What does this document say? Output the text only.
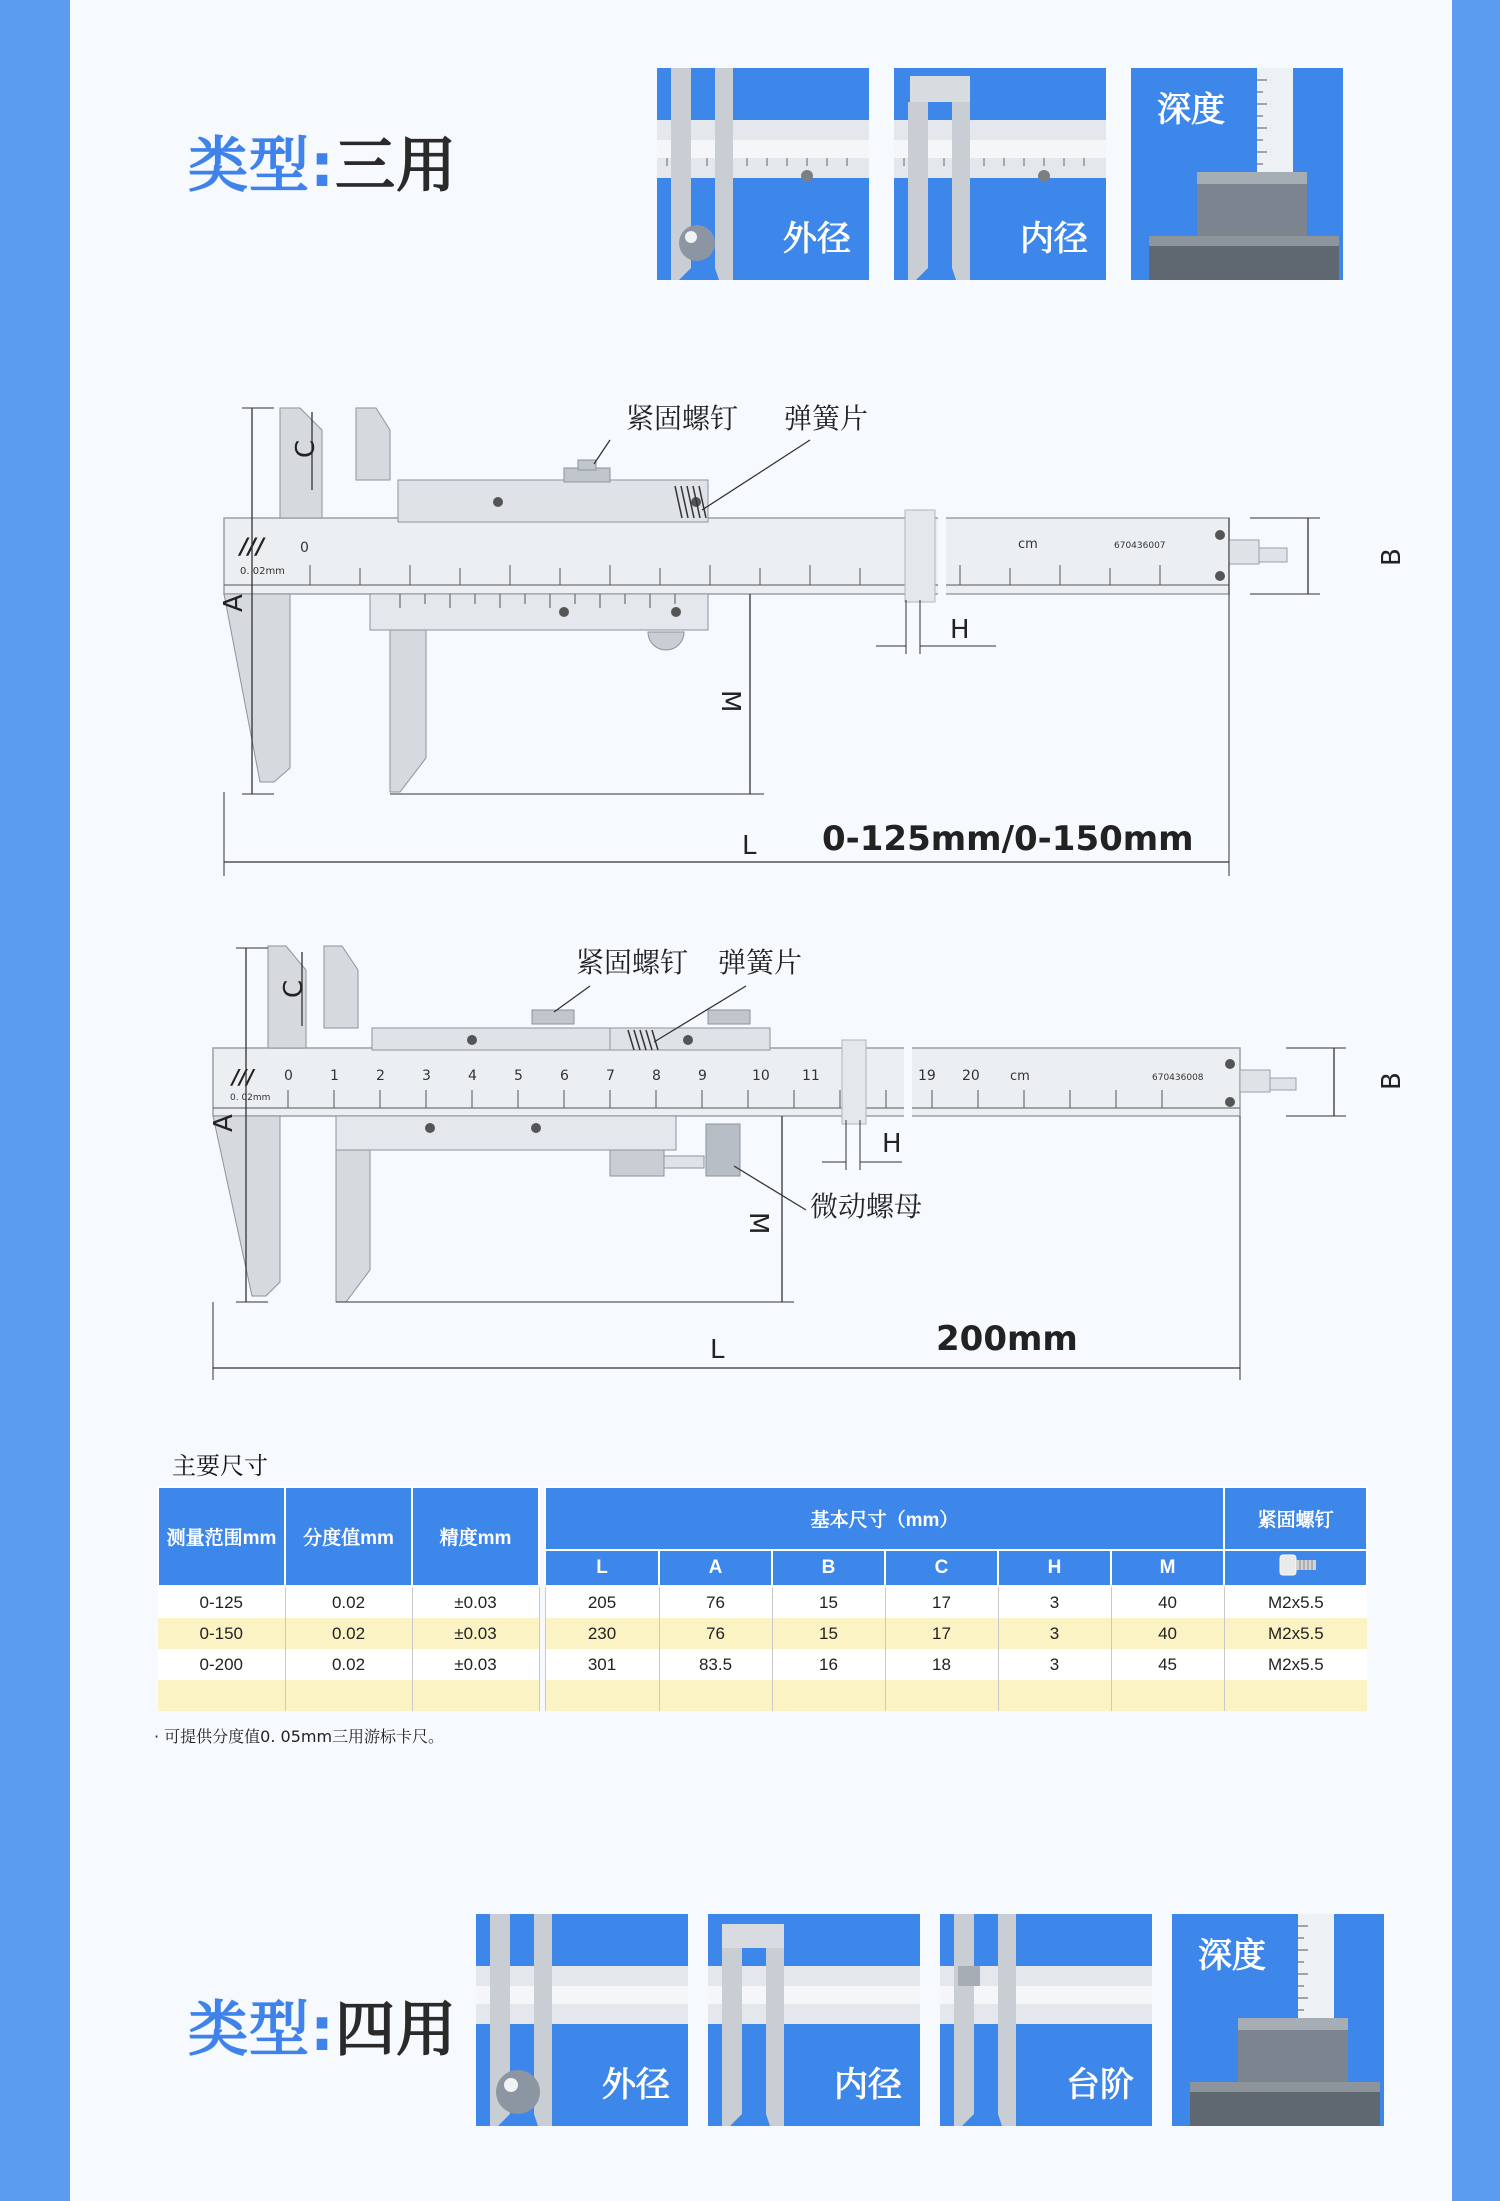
类型:三用
外径	内径
深度
///
0. 02mm
0	cm	670436007
紧固螺钉 弹簧片
A
C
M
H
B
L 0-125mm/0-150mm
///
0. 02mm
0	1	2	3	4	5	6	7	8	9	10 11	19 20 cm	670436008
紧固螺钉 弹簧片
微动螺母
A
C
M
H
B
L	200mm
主要尺寸
测量范围mm	分度值mm	精度mm		基本尺寸（mm）						紧固螺钉
				L	A	B	C	H	M	
0-125	0.02	±0.03		205	76	15	17	3	40	M2x5.5
0-150	0.02	±0.03		230	76	15	17	3	40	M2x5.5
0-200	0.02	±0.03		301	83.5	16	18	3	45	M2x5.5

· 可提供分度值0. 05mm三用游标卡尺。
类型:四用
外径	内径	台阶
深度
